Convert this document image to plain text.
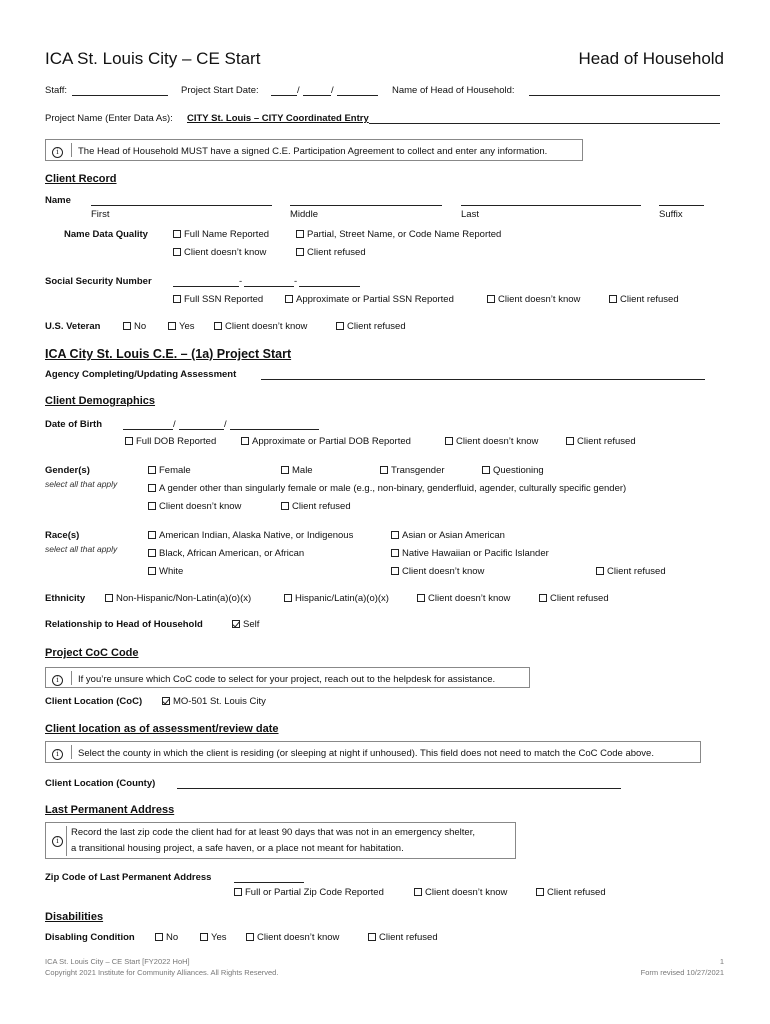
ICA St. Louis City – CE Start	Head of Household
Staff:	Project Start Date:	/	/	Name of Head of Household:
Project Name (Enter Data As): CITY St. Louis – CITY Coordinated Entry
i The Head of Household MUST have a signed C.E. Participation Agreement to collect and enter any information.
Client Record
Name
First	Middle	Last	Suffix
Name Data Quality	Full Name Reported	Partial, Street Name, or Code Name Reported
Client doesn’t know	Client refused
Social Security Number	-	-
Full SSN Reported	Approximate or Partial SSN Reported	Client doesn’t know	Client refused
U.S. Veteran	No	Yes	Client doesn’t know	Client refused
ICA City St. Louis C.E. – (1a) Project Start
Agency Completing/Updating Assessment
Client Demographics
Date of Birth	/	/
Full DOB Reported	Approximate or Partial DOB Reported	Client doesn’t know	Client refused
Gender(s)
select all that apply
Female	Male	Transgender	Questioning
A gender other than singularly female or male (e.g., non-binary, genderfluid, agender, culturally specific gender)
Client doesn’t know	Client refused
Race(s)
select all that apply
American Indian, Alaska Native, or Indigenous	Asian or Asian American
Black, African American, or African	Native Hawaiian or Pacific Islander
White	Client doesn’t know	Client refused
Ethnicity	Non-Hispanic/Non-Latin(a)(o)(x)	Hispanic/Latin(a)(o)(x)	Client doesn’t know	Client refused
Relationship to Head of Household	Self
Project CoC Code
i If you’re unsure which CoC code to select for your project, reach out to the helpdesk for assistance.
Client Location (CoC)	MO-501 St. Louis City
Client location as of assessment/review date
i Select the county in which the client is residing (or sleeping at night if unhoused). This field does not need to match the CoC Code above.
Client Location (County)
Last Permanent Address
i
Record the last zip code the client had for at least 90 days that was not in an emergency shelter,
a transitional housing project, a safe haven, or a place not meant for habitation.
Zip Code of Last Permanent Address
Full or Partial Zip Code Reported	Client doesn’t know	Client refused
Disabilities
Disabling Condition	No	Yes	Client doesn’t know	Client refused
ICA St. Louis City – CE Start [FY2022 HoH]
Copyright 2021 Institute for Community Alliances. All Rights Reserved.
1
Form revised 10/27/2021
